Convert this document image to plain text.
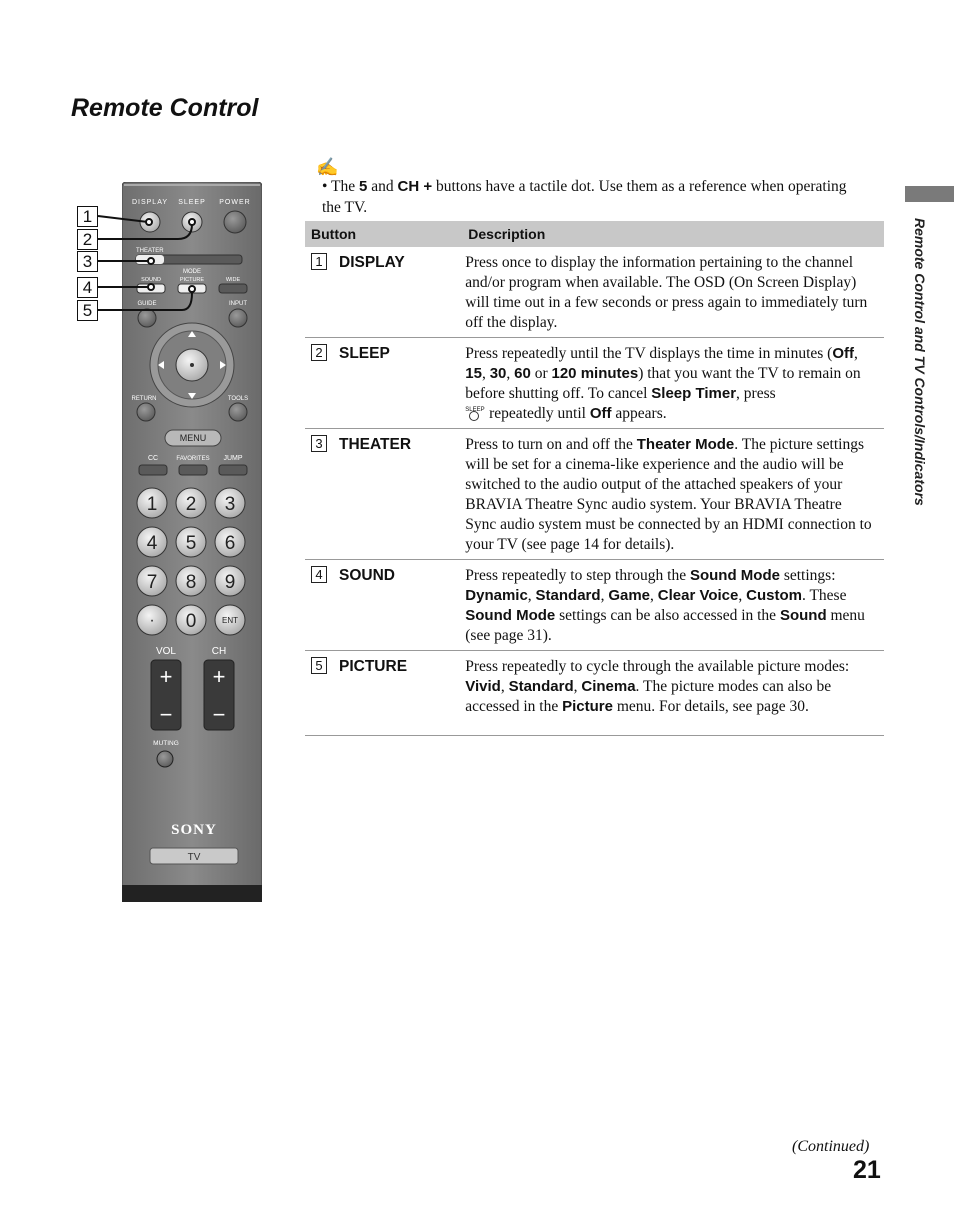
Remote Control
Remote Control and TV Controls/Indicators
✍
• The 5 and CH + buttons have a tactile dot. Use them as a reference when operating the TV.
Button	Description
1 DISPLAY	Press once to display the information pertaining to the channel and/or program when available. The OSD (On Screen Display) will time out in a few seconds or press again to immediately turn off the display.
2 SLEEP	Press repeatedly until the TV displays the time in minutes (Off, 15, 30, 60 or 120 minutes) that you want the TV to remain on before shutting off. To cancel Sleep Timer, press

SLEEP repeatedly until Off appears.
3 THEATER	Press to turn on and off the Theater Mode. The picture settings will be set for a cinema-like experience and the audio will be switched to the audio output of the attached speakers of your BRAVIA Theatre Sync audio system. Your BRAVIA Theatre Sync audio system must be connected by an HDMI connection to your TV (see page 14 for details).
4 SOUND	Press repeatedly to step through the Sound Mode settings: Dynamic, Standard, Game, Clear Voice, Custom. These Sound Mode settings can be also accessed in the Sound menu (see page 31).
5 PICTURE	Press repeatedly to cycle through the available picture modes: Vivid, Standard, Cinema. The picture modes can also be accessed in the Picture menu. For details, see page 30.
1
2
3
4
5
DISPLAY SLEEP POWER
THEATER
MODE
SOUND	PICTURE	WIDE
GUIDE	INPUT
RETURN	TOOLS
MENU
CC	FAVORITES JUMP
1 2 3
4 5 6
7 8 9
· 0	ENT
VOL	CH
+
−
+
−
MUTING
SONY
TV
(Continued)
21
